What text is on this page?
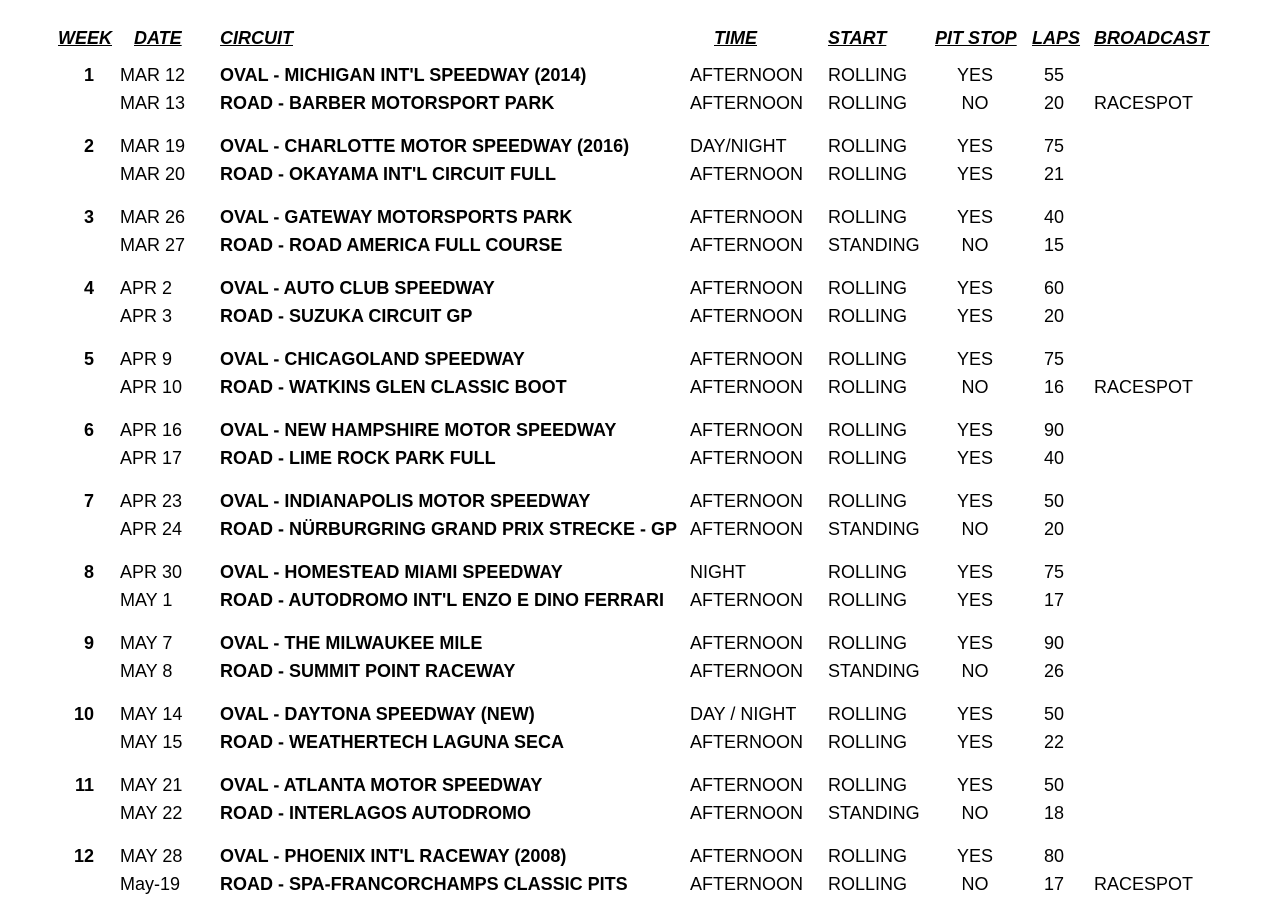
WEEK DATE CIRCUIT	TIME	START	PIT STOP LAPS BROADCAST
1 MAR 12 OVAL - MICHIGAN INT'L SPEEDWAY (2014)	AFTERNOON ROLLING	YES	55
MAR 13 ROAD - BARBER MOTORSPORT PARK	AFTERNOON ROLLING	NO	20	RACESPOT
2 MAR 19 OVAL - CHARLOTTE MOTOR SPEEDWAY (2016)	DAY/NIGHT ROLLING	YES	75
MAR 20 ROAD - OKAYAMA INT'L CIRCUIT FULL	AFTERNOON ROLLING	YES	21
3 MAR 26 OVAL - GATEWAY MOTORSPORTS PARK	AFTERNOON ROLLING	YES	40
MAR 27 ROAD - ROAD AMERICA FULL COURSE	AFTERNOON STANDING	NO	15
4 APR 2	OVAL - AUTO CLUB SPEEDWAY	AFTERNOON ROLLING	YES	60
APR 3	ROAD - SUZUKA CIRCUIT GP	AFTERNOON ROLLING	YES	20
5 APR 9	OVAL - CHICAGOLAND SPEEDWAY	AFTERNOON ROLLING	YES	75
APR 10 ROAD - WATKINS GLEN CLASSIC BOOT	AFTERNOON ROLLING	NO	16	RACESPOT
6 APR 16 OVAL - NEW HAMPSHIRE MOTOR SPEEDWAY	AFTERNOON ROLLING	YES	90
APR 17 ROAD - LIME ROCK PARK FULL	AFTERNOON ROLLING	YES	40
7 APR 23 OVAL - INDIANAPOLIS MOTOR SPEEDWAY	AFTERNOON ROLLING	YES	50
APR 24 ROAD - NÜRBURGRING GRAND PRIX STRECKE - GP AFTERNOON STANDING	NO	20
8 APR 30 OVAL - HOMESTEAD MIAMI SPEEDWAY	NIGHT	ROLLING	YES	75
MAY 1	ROAD - AUTODROMO INT'L ENZO E DINO FERRARI AFTERNOON ROLLING	YES	17
9 MAY 7	OVAL - THE MILWAUKEE MILE	AFTERNOON ROLLING	YES	90
MAY 8	ROAD - SUMMIT POINT RACEWAY	AFTERNOON STANDING	NO	26
10 MAY 14 OVAL - DAYTONA SPEEDWAY (NEW)	DAY / NIGHT ROLLING	YES	50
MAY 15 ROAD - WEATHERTECH LAGUNA SECA	AFTERNOON ROLLING	YES	22
11 MAY 21 OVAL - ATLANTA MOTOR SPEEDWAY	AFTERNOON ROLLING	YES	50
MAY 22 ROAD - INTERLAGOS AUTODROMO	AFTERNOON STANDING	NO	18
12 MAY 28 OVAL - PHOENIX INT'L RACEWAY (2008)	AFTERNOON ROLLING	YES	80
May-19 ROAD - SPA-FRANCORCHAMPS CLASSIC PITS	AFTERNOON ROLLING	NO	17	RACESPOT
